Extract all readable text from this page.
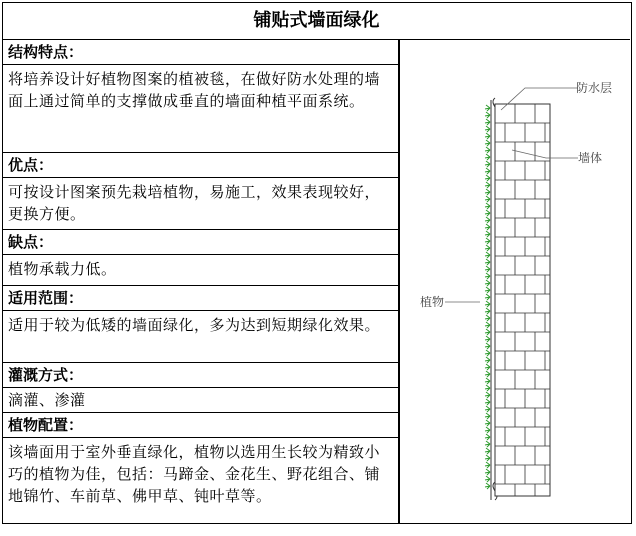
铺贴式墙面绿化
结构特点：
将培养设计好植物图案的植被毯，在做好防水处理的墙面上通过简单的支撑做成垂直的墙面种植平面系统。
优点：
可按设计图案预先栽培植物，易施工，效果表现较好，更换方便。
缺点：
植物承载力低。
适用范围：
适用于较为低矮的墙面绿化，多为达到短期绿化效果。
灌溉方式：
滴灌、渗灌
植物配置：
该墙面用于室外垂直绿化，植物以选用生长较为精致小巧的植物为佳，包括：马蹄金、金花生、野花组合、铺地锦竹、车前草、佛甲草、钝叶草等。
防水层
墙体
植物
